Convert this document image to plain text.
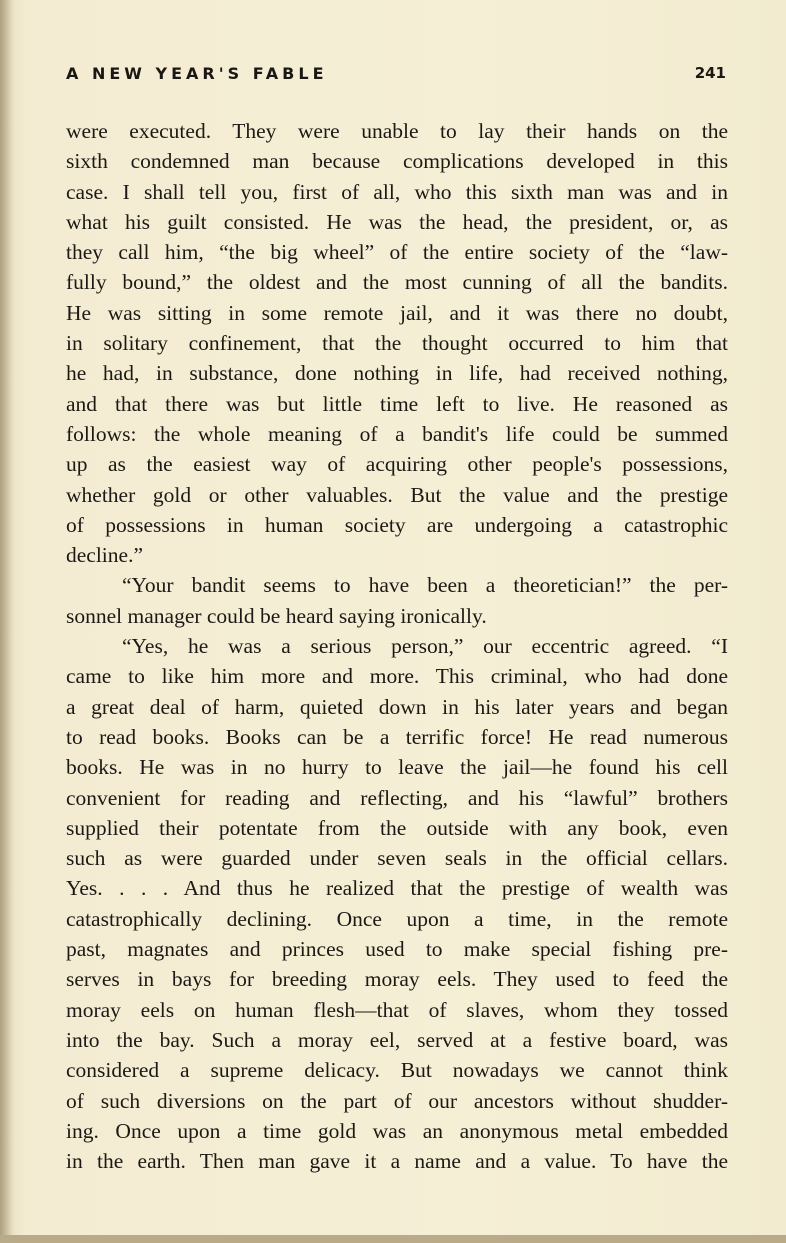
A NEW YEAR'S FABLE	241
were executed. They were unable to lay their hands on the
sixth condemned man because complications developed in this
case. I shall tell you, first of all, who this sixth man was and in
what his guilt consisted. He was the head, the president, or, as
they call him, “the big wheel” of the entire society of the “law-
fully bound,” the oldest and the most cunning of all the bandits.
He was sitting in some remote jail, and it was there no doubt,
in solitary confinement, that the thought occurred to him that
he had, in substance, done nothing in life, had received nothing,
and that there was but little time left to live. He reasoned as
follows: the whole meaning of a bandit's life could be summed
up as the easiest way of acquiring other people's possessions,
whether gold or other valuables. But the value and the prestige
of possessions in human society are undergoing a catastrophic
decline.”
“Your bandit seems to have been a theoretician!” the per-
sonnel manager could be heard saying ironically.
“Yes, he was a serious person,” our eccentric agreed. “I
came to like him more and more. This criminal, who had done
a great deal of harm, quieted down in his later years and began
to read books. Books can be a terrific force! He read numerous
books. He was in no hurry to leave the jail—he found his cell
convenient for reading and reflecting, and his “lawful” brothers
supplied their potentate from the outside with any book, even
such as were guarded under seven seals in the official cellars.
Yes. . . . And thus he realized that the prestige of wealth was
catastrophically declining. Once upon a time, in the remote
past, magnates and princes used to make special fishing pre-
serves in bays for breeding moray eels. They used to feed the
moray eels on human flesh—that of slaves, whom they tossed
into the bay. Such a moray eel, served at a festive board, was
considered a supreme delicacy. But nowadays we cannot think
of such diversions on the part of our ancestors without shudder-
ing. Once upon a time gold was an anonymous metal embedded
in the earth. Then man gave it a name and a value. To have the
